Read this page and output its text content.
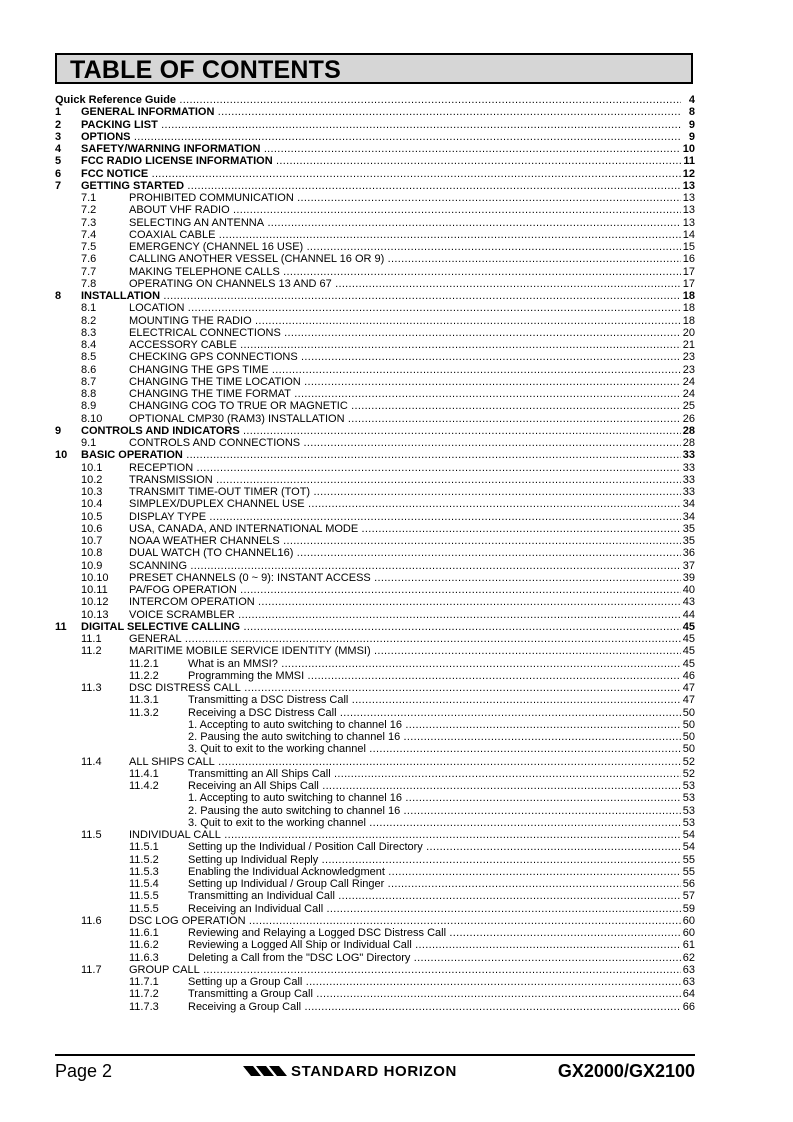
TABLE OF CONTENTS
Quick Reference Guide .....	4
1 GENERAL INFORMATION .....	8
2 PACKING LIST .....	9
3 OPTIONS .....	9
4 SAFETY/WARNING INFORMATION .....	10
5 FCC RADIO LICENSE INFORMATION .....	11
6 FCC NOTICE .....	12
7 GETTING STARTED .....	13
7.1	PROHIBITED COMMUNICATION .....	13
7.2	ABOUT VHF RADIO .....	13
7.3	SELECTING AN ANTENNA .....	13
7.4	COAXIAL CABLE .....	14
7.5	EMERGENCY (CHANNEL 16 USE) .....	15
7.6	CALLING ANOTHER VESSEL (CHANNEL 16 OR 9) .....	16
7.7	MAKING TELEPHONE CALLS .....	17
7.8	OPERATING ON CHANNELS 13 AND 67 .....	17
8 INSTALLATION .....	18
8.1	LOCATION .....	18
8.2	MOUNTING THE RADIO .....	18
8.3	ELECTRICAL CONNECTIONS .....	20
8.4	ACCESSORY CABLE .....	21
8.5	CHECKING GPS CONNECTIONS .....	23
8.6	CHANGING THE GPS TIME .....	23
8.7	CHANGING THE TIME LOCATION .....	24
8.8	CHANGING THE TIME FORMAT .....	24
8.9	CHANGING COG TO TRUE OR MAGNETIC .....	25
8.10 OPTIONAL CMP30 (RAM3) INSTALLATION .....	26
9 CONTROLS AND INDICATORS .....	28
9.1	CONTROLS AND CONNECTIONS .....	28
10 BASIC OPERATION .....	33
10.1 RECEPTION .....	33
10.2 TRANSMISSION .....	33
10.3 TRANSMIT TIME-OUT TIMER (TOT) .....	33
10.4 SIMPLEX/DUPLEX CHANNEL USE .....	34
10.5 DISPLAY TYPE .....	34
10.6 USA, CANADA, AND INTERNATIONAL MODE .....	35
10.7 NOAA WEATHER CHANNELS .....	35
10.8 DUAL WATCH (TO CHANNEL16) .....	36
10.9 SCANNING .....	37
10.10 PRESET CHANNELS (0 ~ 9): INSTANT ACCESS .....	39
10.11 PA/FOG OPERATION .....	40
10.12 INTERCOM OPERATION .....	43
10.13 VOICE SCRAMBLER .....	44
11 DIGITAL SELECTIVE CALLING .....	45
11.1 GENERAL .....	45
11.2 MARITIME MOBILE SERVICE IDENTITY (MMSI) .....	45
11.2.1	What is an MMSI? .....	45
11.2.2	Programming the MMSI .....	46
11.3 DSC DISTRESS CALL .....	47
11.3.1	Transmitting a DSC Distress Call .....	47
11.3.2	Receiving a DSC Distress Call .....	50
1. Accepting to auto switching to channel 16 .....	50
2. Pausing the auto switching to channel 16 .....	50
3. Quit to exit to the working channel .....	50
11.4 ALL SHIPS CALL .....	52
11.4.1	Transmitting an All Ships Call .....	52
11.4.2	Receiving an All Ships Call .....	53
1. Accepting to auto switching to channel 16 .....	53
2. Pausing the auto switching to channel 16 .....	53
3. Quit to exit to the working channel .....	53
11.5 INDIVIDUAL CALL .....	54
11.5.1	Setting up the Individual / Position Call Directory .....	54
11.5.2	Setting up Individual Reply .....	55
11.5.3	Enabling the Individual Acknowledgment .....	55
11.5.4	Setting up Individual / Group Call Ringer .....	56
11.5.5	Transmitting an Individual Call .....	57
11.5.5	Receiving an Individual Call .....	59
11.6 DSC LOG OPERATION .....	60
11.6.1	Reviewing and Relaying a Logged DSC Distress Call .....	60
11.6.2	Reviewing a Logged All Ship or Individual Call .....	61
11.6.3	Deleting a Call from the "DSC LOG" Directory .....	62
11.7 GROUP CALL .....	63
11.7.1	Setting up a Group Call .....	63
11.7.2	Transmitting a Group Call .....	64
11.7.3	Receiving a Group Call .....	66
Page 2	STANDARD HORIZON	GX2000/GX2100
